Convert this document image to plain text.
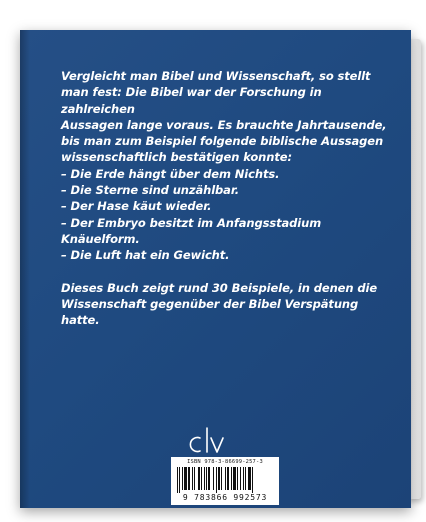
Vergleicht man Bibel und Wissenschaft, so stellt

man fest: Die Bibel war der Forschung in zahlreichen

Aussagen lange voraus. Es brauchte Jahrtausende,

bis man zum Beispiel folgende biblische Aussagen

wissenschaftlich bestätigen konnte:

– Die Erde hängt über dem Nichts.

– Die Sterne sind unzählbar.

– Der Hase käut wieder.

– Der Embryo besitzt im Anfangsstadium Knäuelform.

– Die Luft hat ein Gewicht.

Dieses Buch zeigt rund 30 Beispiele, in denen die

Wissenschaft gegenüber der Bibel Verspätung hatte.

ISBN 978-3-86699-257-3
9 783866 992573
